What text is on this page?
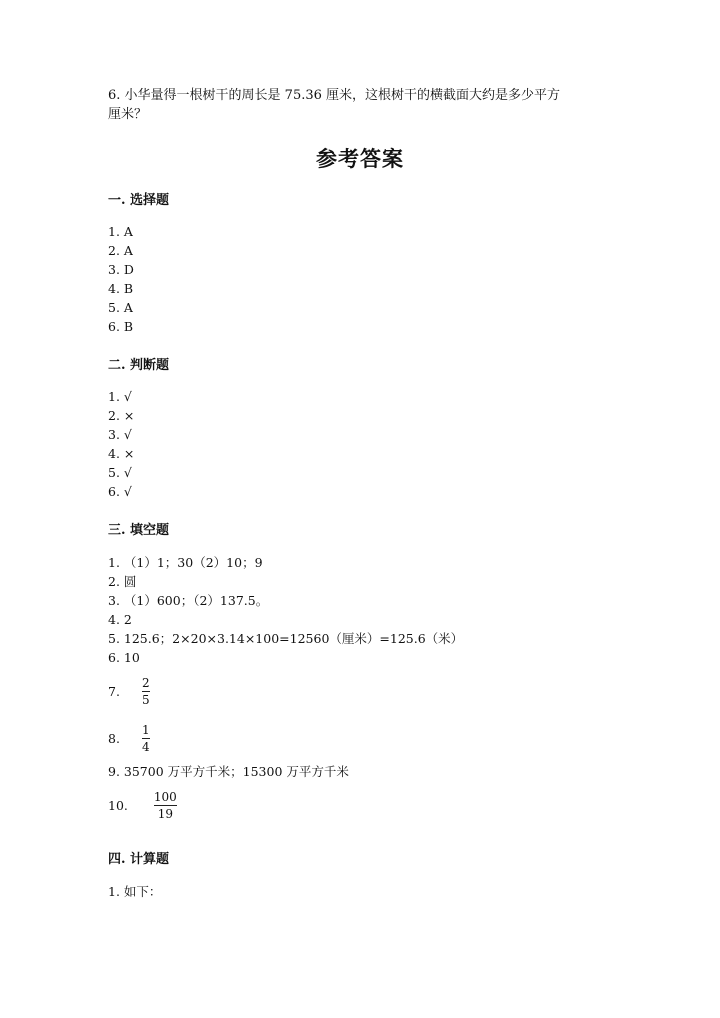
6. 小华量得一根树干的周长是 75.36 厘米，这根树干的横截面大约是多少平方
厘米？
参考答案
一. 选择题
1. A
2. A
3. D
4. B
5. A
6. B
二. 判断题
1. √
2. ×
3. √
4. ×
5. √
6. √
三. 填空题
1. （1）1；30（2）10；9
2. 圆
3. （1）600；（2）137.5。
4. 2
5. 125.6；2×20×3.14×100=12560（厘米）=125.6（米）
6. 10
7. $\frac{2}{5}$
8. $\frac{1}{4}$
9. 35700 万平方千米；15300 万平方千米
10. $\frac{100}{19}$
四. 计算题
1. 如下：
